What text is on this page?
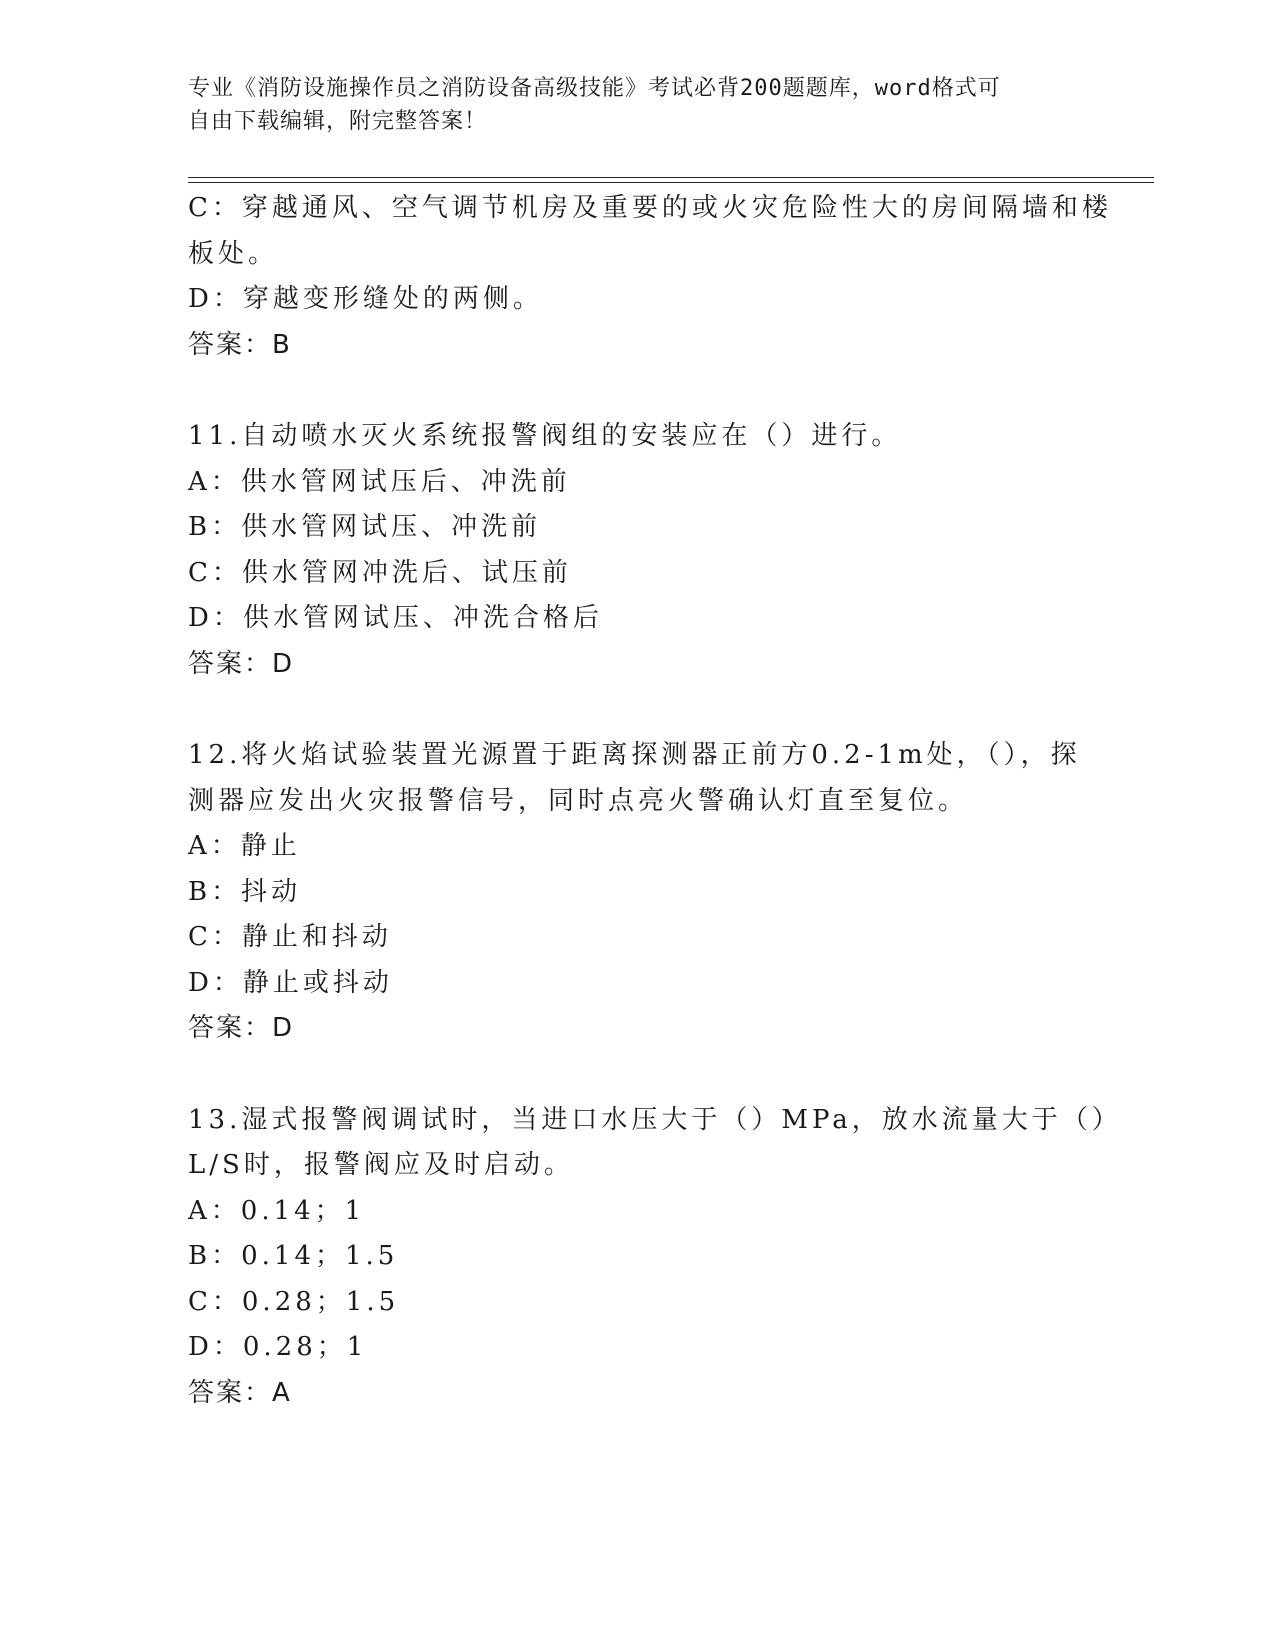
专业《消防设施操作员之消防设备高级技能》考试必背200题题库，word格式可
自由下载编辑，附完整答案！
C：穿越通风、空气调节机房及重要的或火灾危险性大的房间隔墙和楼
板处。
D：穿越变形缝处的两侧。
答案：B
11.自动喷水灭火系统报警阀组的安装应在（）进行。
A：供水管网试压后、冲洗前
B：供水管网试压、冲洗前
C：供水管网冲洗后、试压前
D：供水管网试压、冲洗合格后
答案：D
12.将火焰试验装置光源置于距离探测器正前方0.2-1m处，（），探
测器应发出火灾报警信号，同时点亮火警确认灯直至复位。
A：静止
B：抖动
C：静止和抖动
D：静止或抖动
答案：D
13.湿式报警阀调试时，当进口水压大于（）MPa，放水流量大于（）
L/S时，报警阀应及时启动。
A：0.14；1
B：0.14；1.5
C：0.28；1.5
D：0.28；1
答案：A
